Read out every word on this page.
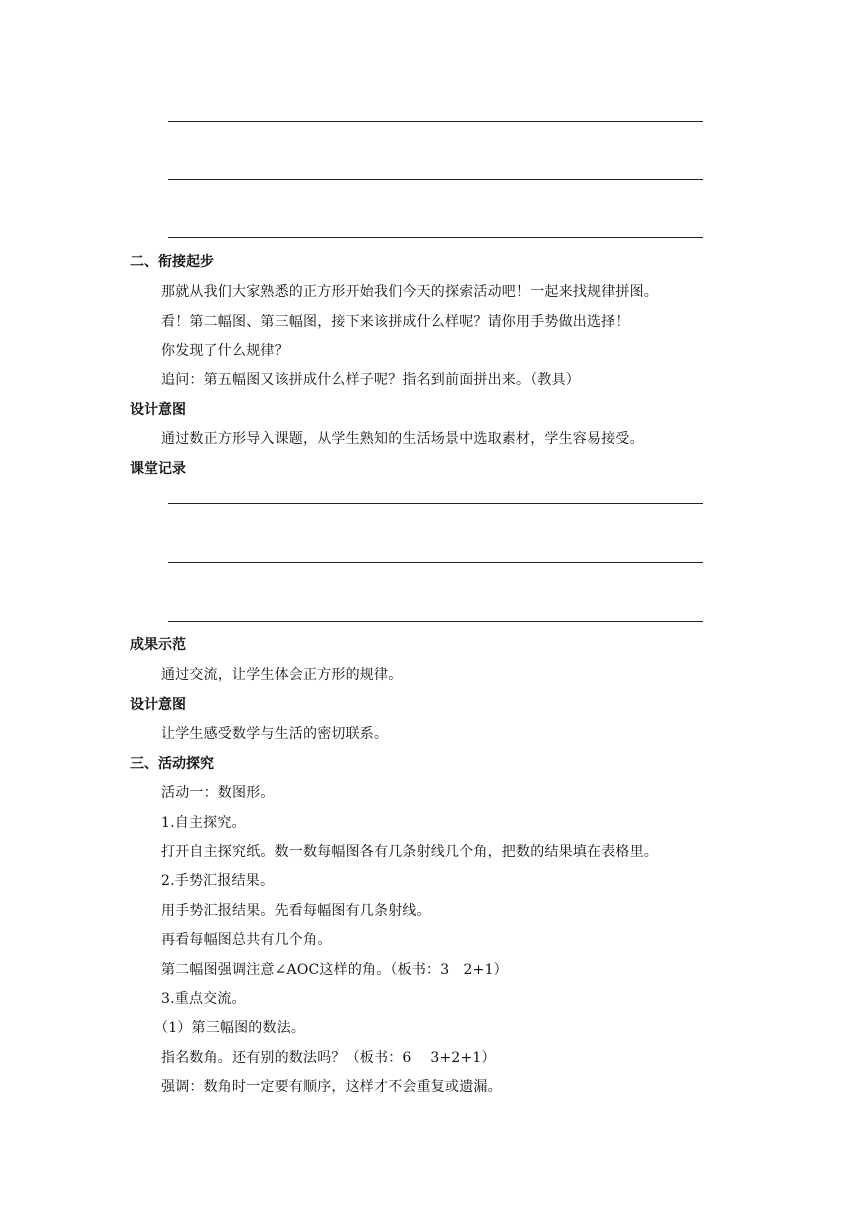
二、衔接起步
那就从我们大家熟悉的正方形开始我们今天的探索活动吧！一起来找规律拼图。
看！第二幅图、第三幅图，接下来该拼成什么样呢？请你用手势做出选择！
你发现了什么规律？
追问：第五幅图又该拼成什么样子呢？指名到前面拼出来。（教具）
设计意图
通过数正方形导入课题，从学生熟知的生活场景中选取素材，学生容易接受。
课堂记录
成果示范
通过交流，让学生体会正方形的规律。
设计意图
让学生感受数学与生活的密切联系。
三、活动探究
活动一：数图形。
1.自主探究。
打开自主探究纸。数一数每幅图各有几条射线几个角，把数的结果填在表格里。
2.手势汇报结果。
用手势汇报结果。先看每幅图有几条射线。
再看每幅图总共有几个角。
第二幅图强调注意∠AOC这样的角。（板书：3　2+1）
3.重点交流。
（1）第三幅图的数法。
指名数角。还有别的数法吗？（板书：6　 3+2+1）
强调：数角时一定要有顺序，这样才不会重复或遗漏。
